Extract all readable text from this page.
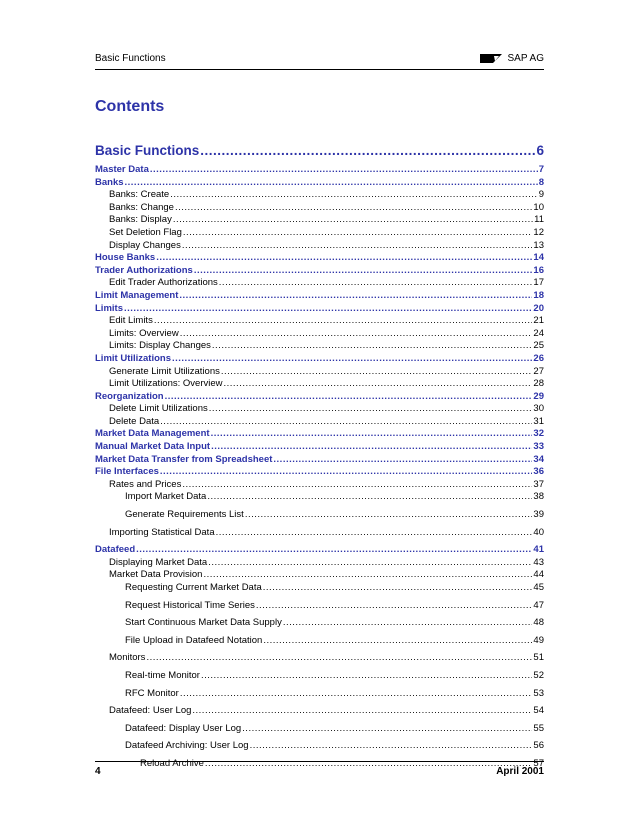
Basic Functions	SAP AG
Contents
Basic Functions .....	6
Master Data .....	7
Banks .....	8
Banks: Create .....	9
Banks: Change .....	10
Banks: Display .....	11
Set Deletion Flag .....	12
Display Changes .....	13
House Banks .....	14
Trader Authorizations .....	16
Edit Trader Authorizations .....	17
Limit Management .....	18
Limits .....	20
Edit Limits .....	21
Limits: Overview .....	24
Limits: Display Changes .....	25
Limit Utilizations .....	26
Generate Limit Utilizations .....	27
Limit Utilizations: Overview .....	28
Reorganization .....	29
Delete Limit Utilizations .....	30
Delete Data .....	31
Market Data Management .....	32
Manual Market Data Input .....	33
Market Data Transfer from Spreadsheet .....	34
File Interfaces .....	36
Rates and Prices .....	37
Import Market Data .....	38
Generate Requirements List .....	39
Importing Statistical Data .....	40
Datafeed .....	41
Displaying Market Data .....	43
Market Data Provision .....	44
Requesting Current Market Data .....	45
Request Historical Time Series .....	47
Start Continuous Market Data Supply .....	48
File Upload in Datafeed Notation .....	49
Monitors .....	51
Real-time Monitor .....	52
RFC Monitor .....	53
Datafeed: User Log .....	54
Datafeed: Display User Log .....	55
Datafeed Archiving: User Log .....	56
Reload Archive .....	57
4	April 2001
